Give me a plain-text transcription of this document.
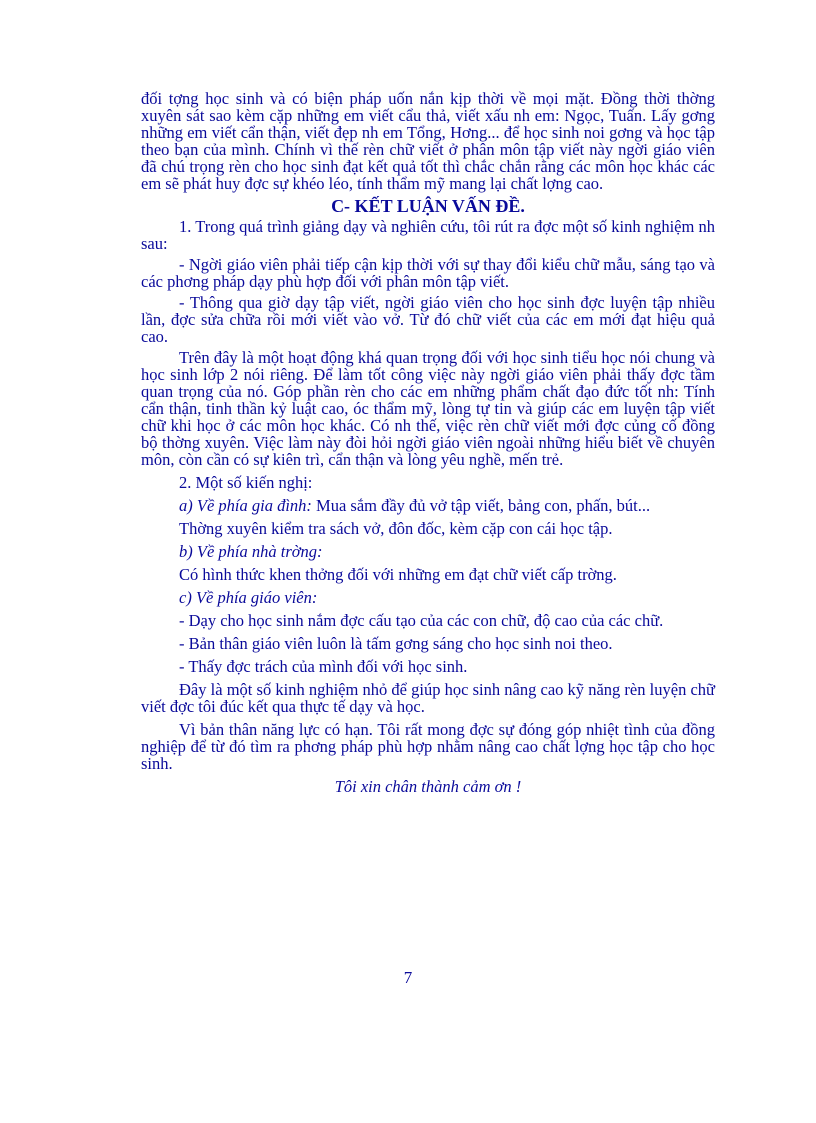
đối tợng học sinh và có biện pháp uốn nắn kịp thời về mọi mặt. Đồng thời thờng xuyên sát sao kèm cặp những em viết cẩu thả, viết xấu nh em: Ngọc, Tuấn. Lấy gơng những em viết cẩn thận, viết đẹp nh em Tổng, Hơng... để học sinh noi gơng và học tập theo bạn của mình. Chính vì thế rèn chữ viết ở phân môn tập viết này ngời giáo viên đã chú trọng rèn cho học sinh đạt kết quả tốt thì chắc chắn rằng các môn học khác các em sẽ phát huy đợc sự khéo léo, tính thẩm mỹ mang lại chất lợng cao.

C- KẾT LUẬN VẤN ĐỀ.

1. Trong quá trình giảng dạy và nghiên cứu, tôi rút ra đợc một số kinh nghiệm nh sau:

- Ngời giáo viên phải tiếp cận kịp thời với sự thay đổi kiểu chữ mẫu, sáng tạo và các phơng pháp dạy phù hợp đối với phân môn tập viết.

- Thông qua giờ dạy tập viết, ngời giáo viên cho học sinh đợc luyện tập nhiều lần, đợc sửa chữa rồi mới viết vào vở. Từ đó chữ viết của các em mới đạt hiệu quả cao.

Trên đây là một hoạt động khá quan trọng đối với học sinh tiểu học nói chung và học sinh lớp 2 nói riêng. Để làm tốt công việc này ngời giáo viên phải thấy đợc tầm quan trọng của nó. Góp phần rèn cho các em những phẩm chất đạo đức tốt nh: Tính cẩn thận, tinh thần kỷ luật cao, óc thẩm mỹ, lòng tự tin và giúp các em luyện tập viết chữ khi học ở các môn học khác. Có nh thế, việc rèn chữ viết mới đợc củng cố đồng bộ thờng xuyên. Việc làm này đòi hỏi ngời giáo viên ngoài những hiểu biết về chuyên môn, còn cần có sự kiên trì, cẩn thận và lòng yêu nghề, mến trẻ.

2. Một số kiến nghị:

a) Về phía gia đình: Mua sắm đầy đủ vở tập viết, bảng con, phấn, bút...

Thờng xuyên kiểm tra sách vở, đôn đốc, kèm cặp con cái học tập.

b) Về phía nhà trờng:

Có hình thức khen thởng đối với những em đạt chữ viết cấp trờng.

c) Về phía giáo viên:

- Dạy cho học sinh nắm đợc cấu tạo của các con chữ, độ cao của các chữ.

- Bản thân giáo viên luôn là tấm gơng sáng cho học sinh noi theo.

- Thấy đợc trách của mình đối với học sinh.

Đây là một số kinh nghiệm nhỏ để giúp học sinh nâng cao kỹ năng rèn luyện chữ viết đợc tôi đúc kết qua thực tế dạy và học.

Vì bản thân năng lực có hạn. Tôi rất mong đợc sự đóng góp nhiệt tình của đồng nghiệp để từ đó tìm ra phơng pháp phù hợp nhằm nâng cao chất lợng học tập cho học sinh.

Tôi xin chân thành cảm ơn !

7
